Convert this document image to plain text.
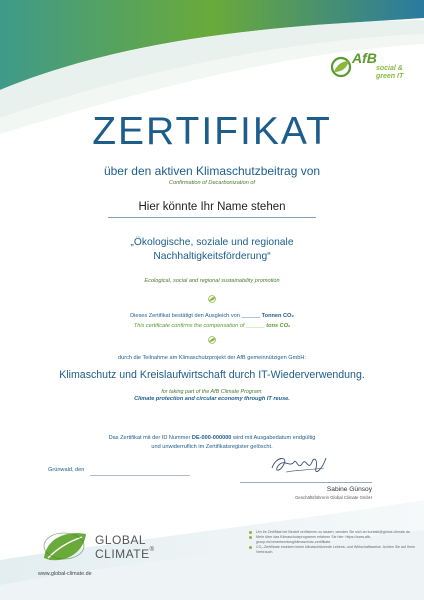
AfB
social &
green IT
ZERTIFIKAT
über den aktiven Klimaschutzbeitrag von
Confirmation of Decarbonization of
Hier könnte Ihr Name stehen
„Ökologische, soziale und regionale
Nachhaltigkeitsförderung“
Ecological, social and regional sustainability promotion
Dieses Zertifikat bestätigt den Ausgleich von ______ Tonnen CO₂
This certificate confirms the compensation of ______ tons CO₂
durch die Teilnahme am Klimaschutzprojekt der AfB gemeinnützigen GmbH:
Klimaschutz und Kreislaufwirtschaft durch IT-Wiederverwendung.
for taking part of the AfB Climate Program:
Climate protection and circular economy through IT reuse.
Das Zertifikat mit der ID Nummer DE-000-000000 wird mit Ausgabedatum endgültig
und unwiderruflich im Zertifikatsregister gelöscht.
Grünwald, den
Sabine Günsoy
Geschäftsführerin Global Climate GmbH
GLOBAL
CLIMATE®
www.global-climate.de
Um Ihr Zertifikat bei Bedarf verifizieren zu lassen, wenden Sie sich an kontakt@global-climate.de.
Mehr über das Klimaschutzprogramm erfahren Sie hier: https://www.afb-group.eu/verantwortung/klimaschutz-zertifikate.
CO₂-Zertifikate ersetzen keine klimaschützende Lebens- und Wirtschaftsweise. Achten Sie auf Ihren Verbrauch.
